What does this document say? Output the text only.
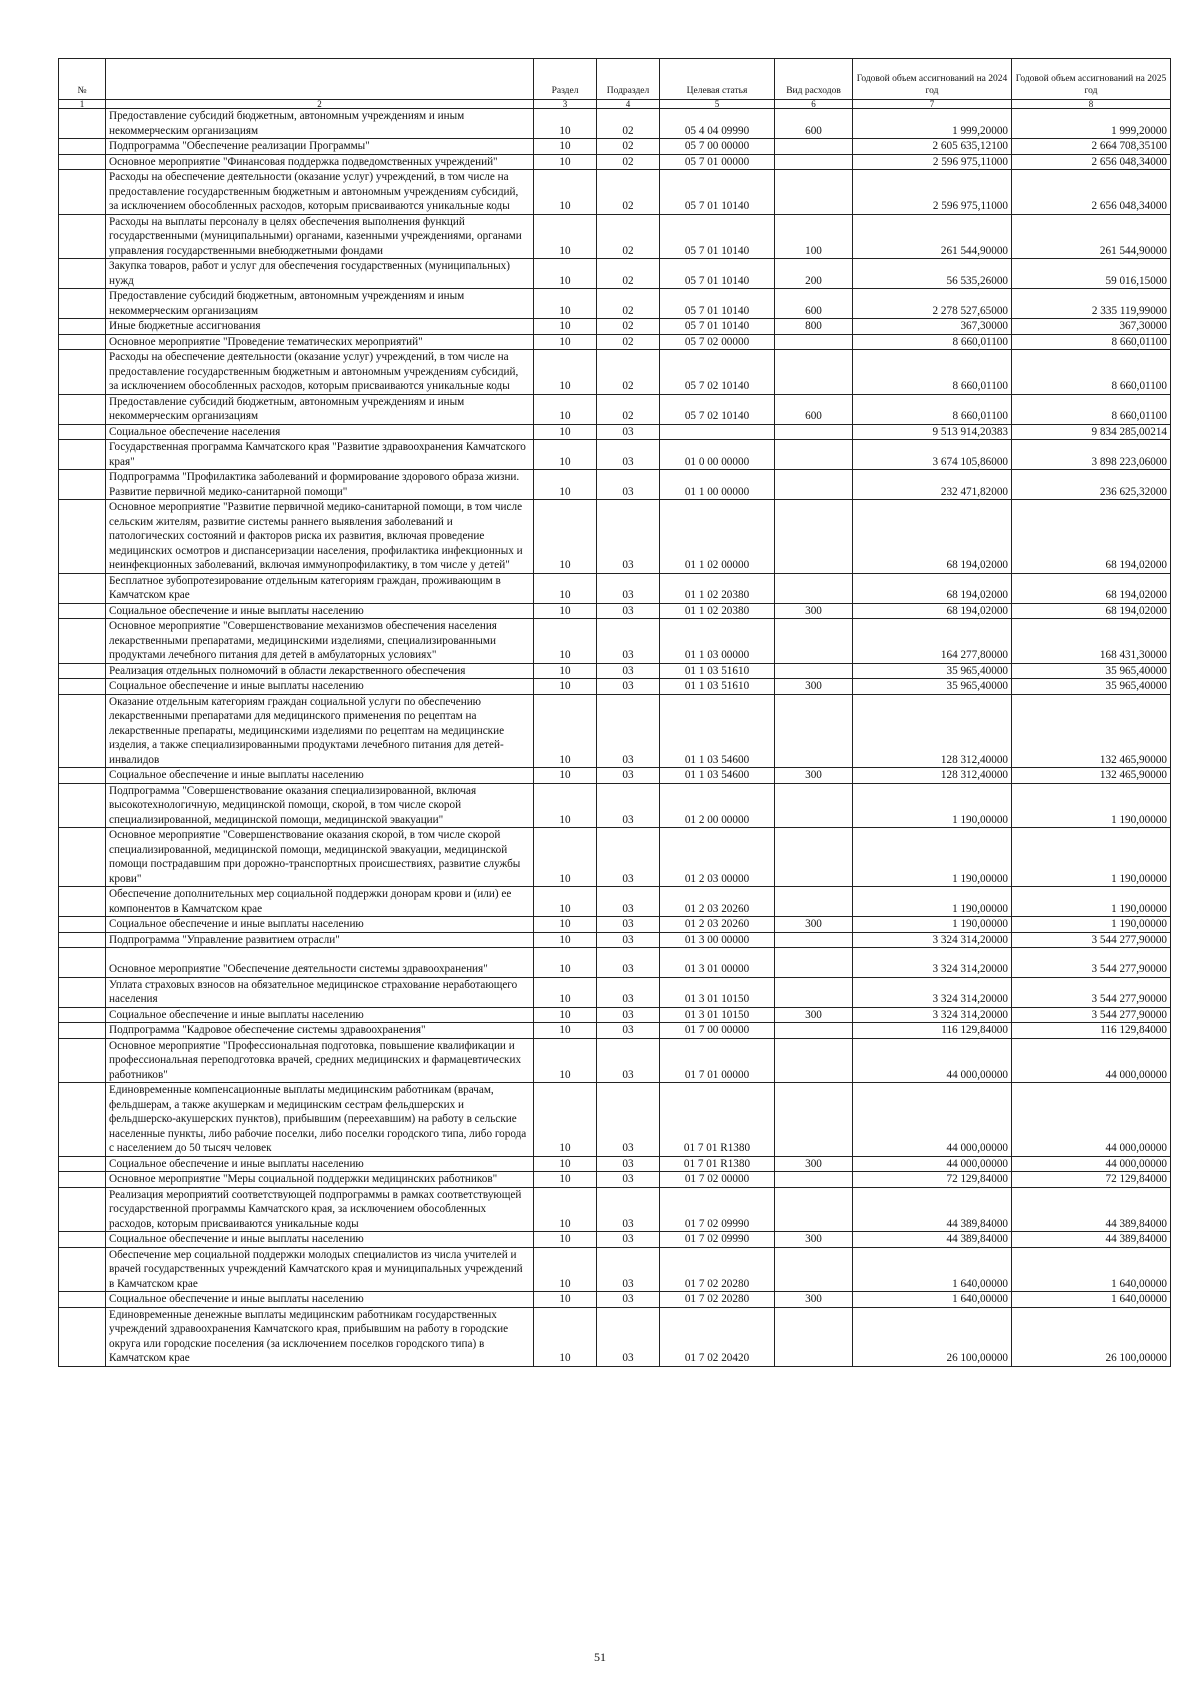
№		Раздел	Подраздел	Целевая статья	Вид расходов	Годовой объем ассигнований на 2024 год	Годовой объем ассигнований на 2025 год
1	2	3	4	5	6	7	8
	Предоставление субсидий бюджетным, автономным учреждениям и иным некоммерческим организациям	10	02	05 4 04 09990	600	1 999,20000	1 999,20000
	Подпрограмма "Обеспечение реализации Программы"	10	02	05 7 00 00000		2 605 635,12100	2 664 708,35100
	Основное мероприятие "Финансовая поддержка подведомственных учреждений"	10	02	05 7 01 00000		2 596 975,11000	2 656 048,34000
	Расходы на обеспечение деятельности (оказание услуг) учреждений, в том числе на предоставление государственным бюджетным и автономным учреждениям субсидий, за исключением обособленных расходов, которым присваиваются уникальные коды	10	02	05 7 01 10140		2 596 975,11000	2 656 048,34000
	Расходы на выплаты персоналу в целях обеспечения выполнения функций государственными (муниципальными) органами, казенными учреждениями, органами управления государственными внебюджетными фондами	10	02	05 7 01 10140	100	261 544,90000	261 544,90000
	Закупка товаров, работ и услуг для обеспечения государственных (муниципальных) нужд	10	02	05 7 01 10140	200	56 535,26000	59 016,15000
	Предоставление субсидий бюджетным, автономным учреждениям и иным некоммерческим организациям	10	02	05 7 01 10140	600	2 278 527,65000	2 335 119,99000
	Иные бюджетные ассигнования	10	02	05 7 01 10140	800	367,30000	367,30000
	Основное мероприятие "Проведение тематических мероприятий"	10	02	05 7 02 00000		8 660,01100	8 660,01100
	Расходы на обеспечение деятельности (оказание услуг) учреждений, в том числе на предоставление государственным бюджетным и автономным учреждениям субсидий, за исключением обособленных расходов, которым присваиваются уникальные коды	10	02	05 7 02 10140		8 660,01100	8 660,01100
	Предоставление субсидий бюджетным, автономным учреждениям и иным некоммерческим организациям	10	02	05 7 02 10140	600	8 660,01100	8 660,01100
	Социальное обеспечение населения	10	03			9 513 914,20383	9 834 285,00214
	Государственная программа Камчатского края "Развитие здравоохранения Камчатского края"	10	03	01 0 00 00000		3 674 105,86000	3 898 223,06000
	Подпрограмма "Профилактика заболеваний и формирование здорового образа жизни. Развитие первичной медико-санитарной помощи"	10	03	01 1 00 00000		232 471,82000	236 625,32000
	Основное мероприятие "Развитие первичной медико-санитарной помощи, в том числе сельским жителям, развитие системы раннего выявления заболеваний и патологических состояний и факторов риска их развития, включая проведение медицинских осмотров и диспансеризации населения, профилактика инфекционных и неинфекционных заболеваний, включая иммунопрофилактику, в том числе у детей"	10	03	01 1 02 00000		68 194,02000	68 194,02000
	Бесплатное зубопротезирование отдельным категориям граждан, проживающим в Камчатском крае	10	03	01 1 02 20380		68 194,02000	68 194,02000
	Социальное обеспечение и иные выплаты населению	10	03	01 1 02 20380	300	68 194,02000	68 194,02000
	Основное мероприятие "Совершенствование механизмов обеспечения населения лекарственными препаратами, медицинскими изделиями, специализированными продуктами лечебного питания для детей в амбулаторных условиях"	10	03	01 1 03 00000		164 277,80000	168 431,30000
	Реализация отдельных полномочий в области лекарственного обеспечения	10	03	01 1 03 51610		35 965,40000	35 965,40000
	Социальное обеспечение и иные выплаты населению	10	03	01 1 03 51610	300	35 965,40000	35 965,40000
	Оказание отдельным категориям граждан социальной услуги по обеспечению лекарственными препаратами для медицинского применения по рецептам на лекарственные препараты, медицинскими изделиями по рецептам на медицинские изделия, а также специализированными продуктами лечебного питания для детей-инвалидов	10	03	01 1 03 54600		128 312,40000	132 465,90000
	Социальное обеспечение и иные выплаты населению	10	03	01 1 03 54600	300	128 312,40000	132 465,90000
	Подпрограмма "Совершенствование оказания специализированной, включая высокотехнологичную, медицинской помощи, скорой, в том числе скорой специализированной, медицинской помощи, медицинской эвакуации"	10	03	01 2 00 00000		1 190,00000	1 190,00000
	Основное мероприятие "Совершенствование оказания скорой, в том числе скорой специализированной, медицинской помощи, медицинской эвакуации, медицинской помощи пострадавшим при дорожно-транспортных происшествиях, развитие службы крови"	10	03	01 2 03 00000		1 190,00000	1 190,00000
	Обеспечение дополнительных мер социальной поддержки донорам крови и (или) ее компонентов в Камчатском крае	10	03	01 2 03 20260		1 190,00000	1 190,00000
	Социальное обеспечение и иные выплаты населению	10	03	01 2 03 20260	300	1 190,00000	1 190,00000
	Подпрограмма "Управление развитием отрасли"	10	03	01 3 00 00000		3 324 314,20000	3 544 277,90000
	Основное мероприятие "Обеспечение деятельности системы здравоохранения"	10	03	01 3 01 00000		3 324 314,20000	3 544 277,90000
	Уплата страховых взносов на обязательное медицинское страхование неработающего населения	10	03	01 3 01 10150		3 324 314,20000	3 544 277,90000
	Социальное обеспечение и иные выплаты населению	10	03	01 3 01 10150	300	3 324 314,20000	3 544 277,90000
	Подпрограмма "Кадровое обеспечение системы здравоохранения"	10	03	01 7 00 00000		116 129,84000	116 129,84000
	Основное мероприятие "Профессиональная подготовка, повышение квалификации и профессиональная переподготовка врачей, средних медицинских и фармацевтических работников"	10	03	01 7 01 00000		44 000,00000	44 000,00000
	Единовременные компенсационные выплаты медицинским работникам (врачам, фельдшерам, а также акушеркам и медицинским сестрам фельдшерских и фельдшерско-акушерских пунктов), прибывшим (переехавшим) на работу в сельские населенные пункты, либо рабочие поселки, либо поселки городского типа, либо города с населением до 50 тысяч человек	10	03	01 7 01 R1380		44 000,00000	44 000,00000
	Социальное обеспечение и иные выплаты населению	10	03	01 7 01 R1380	300	44 000,00000	44 000,00000
	Основное мероприятие "Меры социальной поддержки медицинских работников"	10	03	01 7 02 00000		72 129,84000	72 129,84000
	Реализация мероприятий соответствующей подпрограммы в рамках соответствующей государственной программы Камчатского края, за исключением обособленных расходов, которым присваиваются уникальные коды	10	03	01 7 02 09990		44 389,84000	44 389,84000
	Социальное обеспечение и иные выплаты населению	10	03	01 7 02 09990	300	44 389,84000	44 389,84000
	Обеспечение мер социальной поддержки молодых специалистов из числа учителей и врачей государственных учреждений Камчатского края и муниципальных учреждений в Камчатском крае	10	03	01 7 02 20280		1 640,00000	1 640,00000
	Социальное обеспечение и иные выплаты населению	10	03	01 7 02 20280	300	1 640,00000	1 640,00000
	Единовременные денежные выплаты медицинским работникам государственных учреждений здравоохранения Камчатского края, прибывшим на работу в городские округа или городские поселения (за исключением поселков городского типа) в Камчатском крае	10	03	01 7 02 20420		26 100,00000	26 100,00000
51
